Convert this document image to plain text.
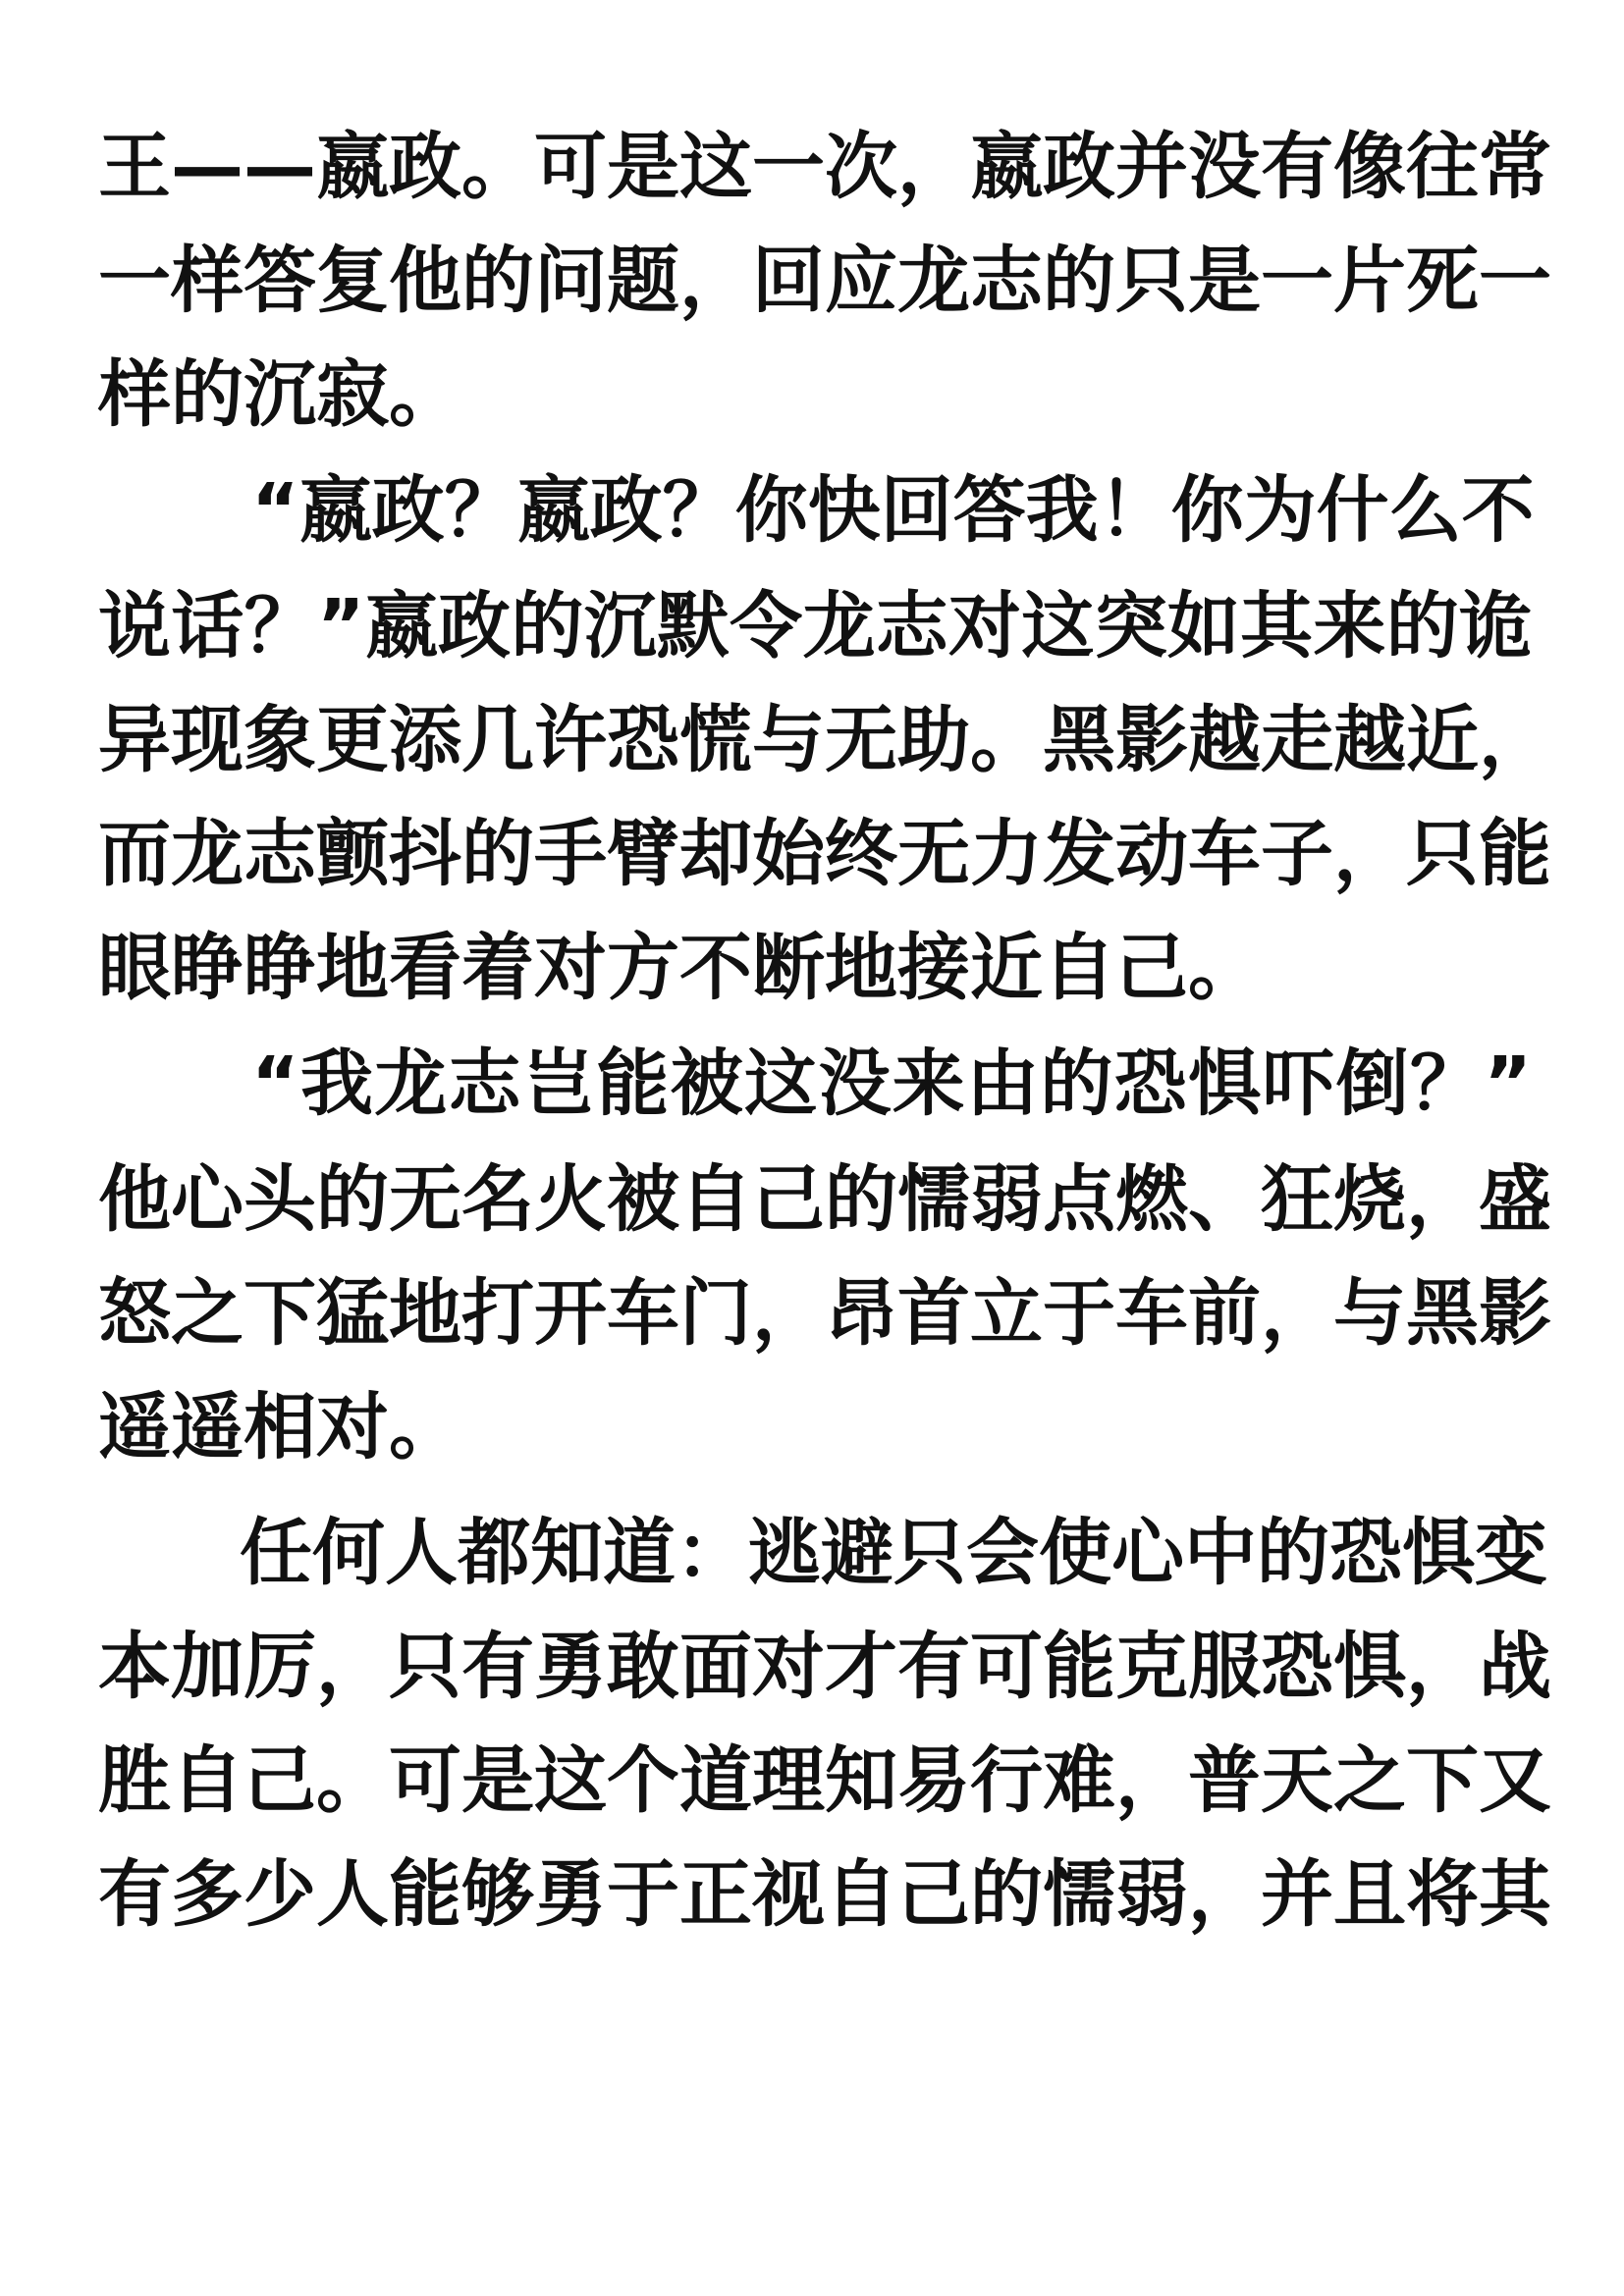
王——嬴政。可是这一次，嬴政并没有像往常
一样答复他的问题，回应龙志的只是一片死一
样的沉寂。
“嬴政？嬴政？你快回答我！你为什么不
说话？”嬴政的沉默令龙志对这突如其来的诡
异现象更添几许恐慌与无助。黑影越走越近，
而龙志颤抖的手臂却始终无力发动车子，只能
眼睁睁地看着对方不断地接近自己。
“我龙志岂能被这没来由的恐惧吓倒？”
他心头的无名火被自己的懦弱点燃、狂烧，盛
怒之下猛地打开车门，昂首立于车前，与黑影
遥遥相对。
任何人都知道：逃避只会使心中的恐惧变
本加厉，只有勇敢面对才有可能克服恐惧，战
胜自己。可是这个道理知易行难，普天之下又
有多少人能够勇于正视自己的懦弱，并且将其
